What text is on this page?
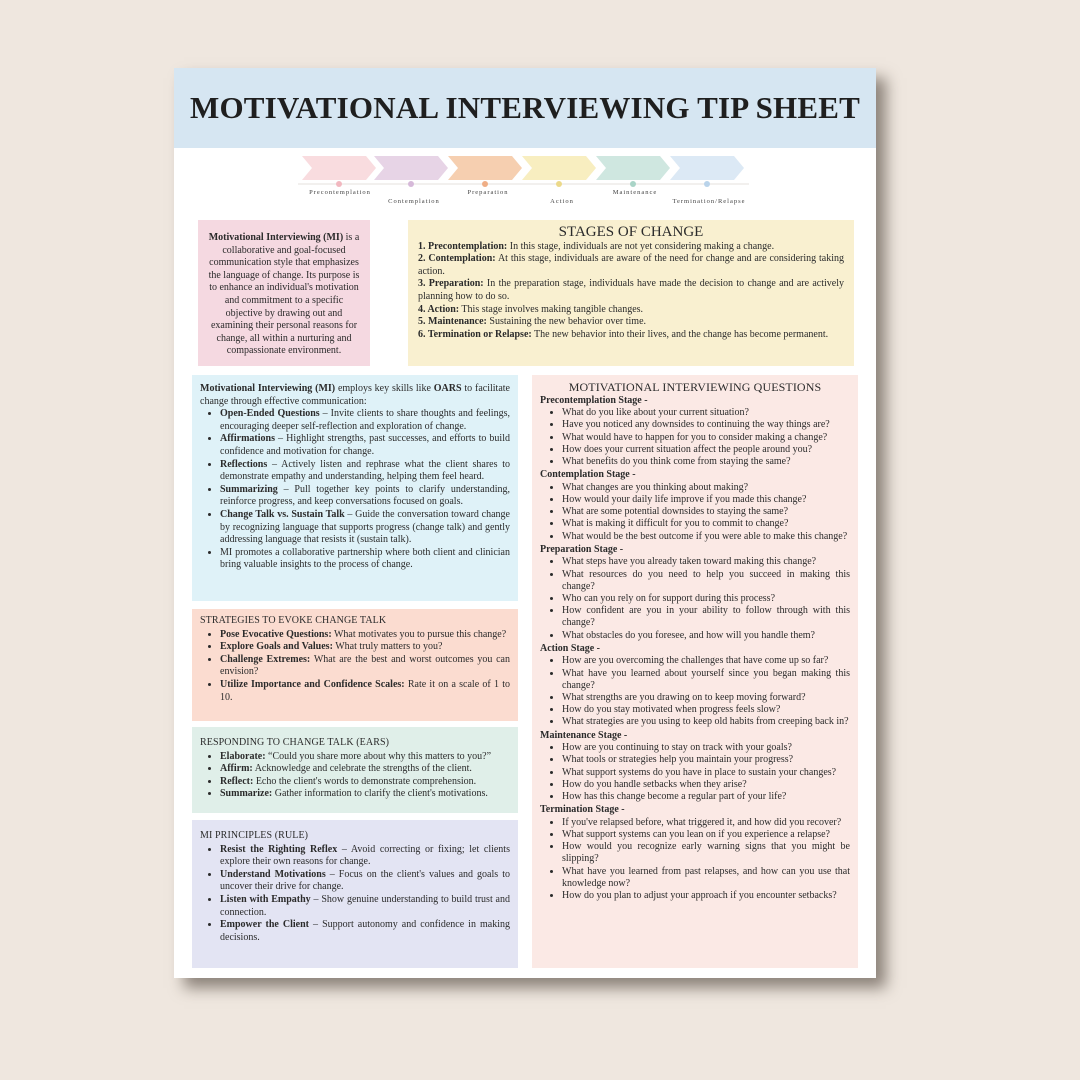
MOTIVATIONAL INTERVIEWING TIP SHEET
Precontemplation
Contemplation
Preparation
Action
Maintenance
Termination/Relapse
Motivational Interviewing (MI) is a collaborative and goal-focused communication style that emphasizes the language of change. Its purpose is to enhance an individual's motivation and commitment to a specific objective by drawing out and examining their personal reasons for change, all within a nurturing and compassionate environment.
STAGES OF CHANGE

1. Precontemplation: In this stage, individuals are not yet considering making a change.

2. Contemplation: At this stage, individuals are aware of the need for change and are considering taking action.

3. Preparation: In the preparation stage, individuals have made the decision to change and are actively planning how to do so.

4. Action: This stage involves making tangible changes.

5. Maintenance: Sustaining the new behavior over time.

6. Termination or Relapse: The new behavior into their lives, and the change has become permanent.

Motivational Interviewing (MI) employs key skills like OARS to facilitate change through effective communication:
• Open-Ended Questions – Invite clients to share thoughts and feelings, encouraging deeper self-reflection and exploration of change.
• Affirmations – Highlight strengths, past successes, and efforts to build confidence and motivation for change.
• Reflections – Actively listen and rephrase what the client shares to demonstrate empathy and understanding, helping them feel heard.
• Summarizing – Pull together key points to clarify understanding, reinforce progress, and keep conversations focused on goals.
• Change Talk vs. Sustain Talk – Guide the conversation toward change by recognizing language that supports progress (change talk) and gently addressing language that resists it (sustain talk).
• MI promotes a collaborative partnership where both client and clinician bring valuable insights to the process of change.
STRATEGIES TO EVOKE CHANGE TALK
• Pose Evocative Questions: What motivates you to pursue this change?
• Explore Goals and Values: What truly matters to you?
• Challenge Extremes: What are the best and worst outcomes you can envision?
• Utilize Importance and Confidence Scales: Rate it on a scale of 1 to 10.
RESPONDING TO CHANGE TALK (EARS)
• Elaborate: “Could you share more about why this matters to you?”
• Affirm: Acknowledge and celebrate the strengths of the client.
• Reflect: Echo the client's words to demonstrate comprehension.
• Summarize: Gather information to clarify the client's motivations.
MI PRINCIPLES (RULE)
• Resist the Righting Reflex – Avoid correcting or fixing; let clients explore their own reasons for change.
• Understand Motivations – Focus on the client's values and goals to uncover their drive for change.
• Listen with Empathy – Show genuine understanding to build trust and connection.
• Empower the Client – Support autonomy and confidence in making decisions.
MOTIVATIONAL INTERVIEWING QUESTIONS
Precontemplation Stage -
• What do you like about your current situation?
• Have you noticed any downsides to continuing the way things are?
• What would have to happen for you to consider making a change?
• How does your current situation affect the people around you?
• What benefits do you think come from staying the same?
Contemplation Stage -
• What changes are you thinking about making?
• How would your daily life improve if you made this change?
• What are some potential downsides to staying the same?
• What is making it difficult for you to commit to change?
• What would be the best outcome if you were able to make this change?
Preparation Stage -
• What steps have you already taken toward making this change?
• What resources do you need to help you succeed in making this change?
• Who can you rely on for support during this process?
• How confident are you in your ability to follow through with this change?
• What obstacles do you foresee, and how will you handle them?
Action Stage -
• How are you overcoming the challenges that have come up so far?
• What have you learned about yourself since you began making this change?
• What strengths are you drawing on to keep moving forward?
• How do you stay motivated when progress feels slow?
• What strategies are you using to keep old habits from creeping back in?
Maintenance Stage -
• How are you continuing to stay on track with your goals?
• What tools or strategies help you maintain your progress?
• What support systems do you have in place to sustain your changes?
• How do you handle setbacks when they arise?
• How has this change become a regular part of your life?
Termination Stage -
• If you've relapsed before, what triggered it, and how did you recover?
• What support systems can you lean on if you experience a relapse?
• How would you recognize early warning signs that you might be slipping?
• What have you learned from past relapses, and how can you use that knowledge now?
• How do you plan to adjust your approach if you encounter setbacks?
